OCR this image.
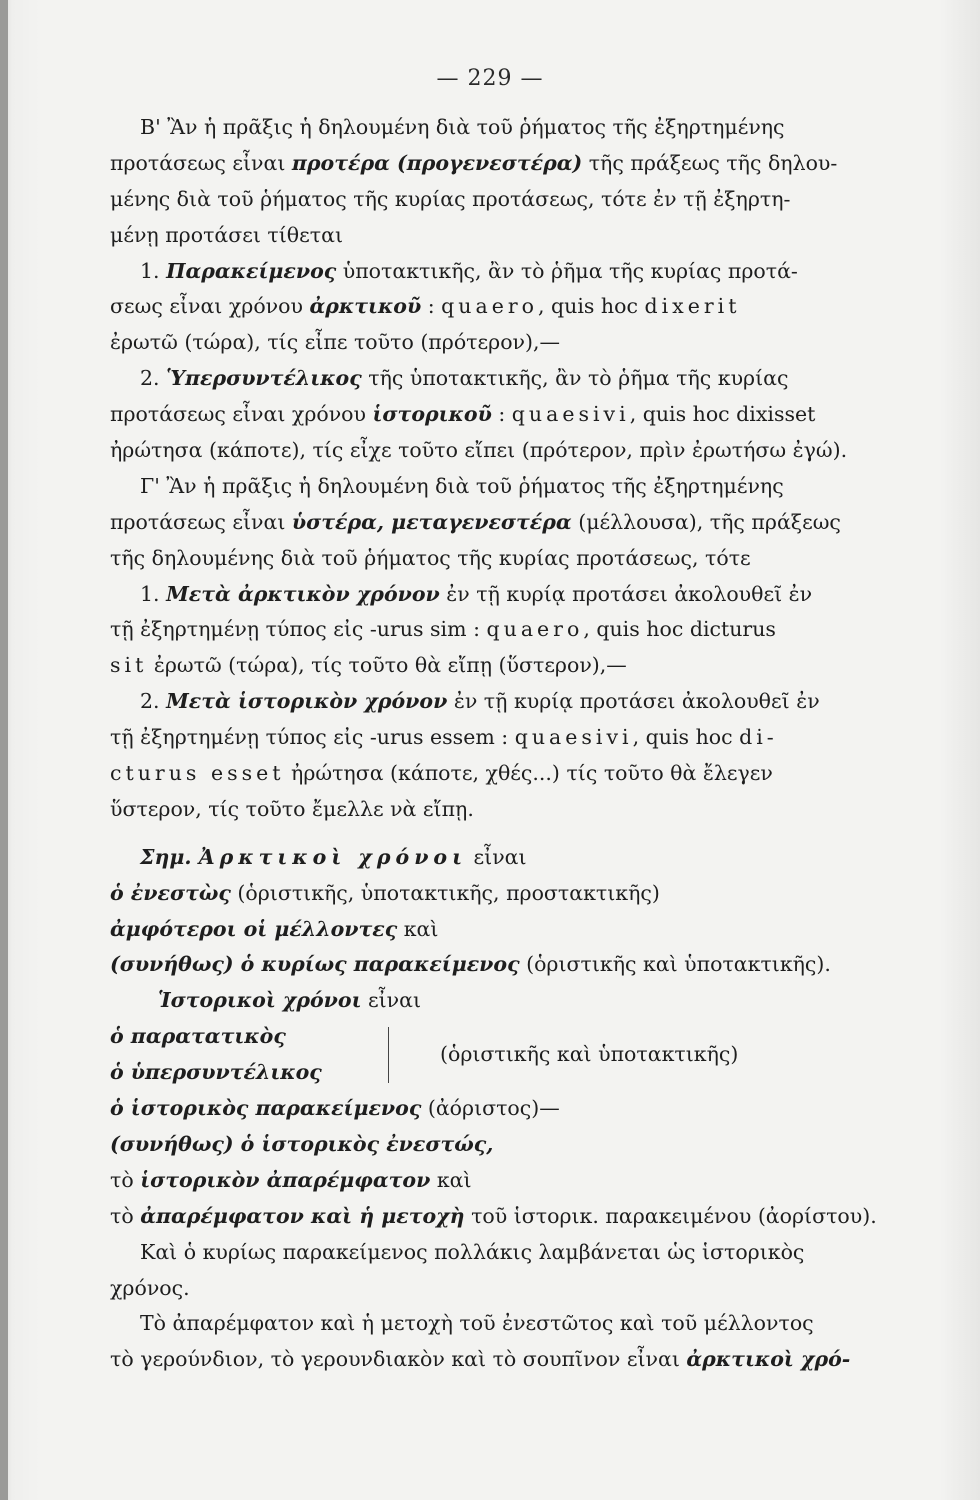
— 229 —
Β' Ἂν ἡ πρᾶξις ἡ δηλουμένη διὰ τοῦ ῥήματος τῆς ἐξηρτημένης
προτάσεως εἶναι προτέρα (προγενεστέρα) τῆς πράξεως τῆς δηλου-
μένης διὰ τοῦ ῥήματος τῆς κυρίας προτάσεως, τότε ἐν τῇ ἐξηρτη-
μένῃ προτάσει τίθεται
1. Παρακείμενος ὑποτακτικῆς, ἂν τὸ ῥῆμα τῆς κυρίας προτά-
σεως εἶναι χρόνου ἀρκτικοῦ : quaero, quis hoc dixerit
ἐρωτῶ (τώρα), τίς εἶπε τοῦτο (πρότερον),—
2. Ὑπερσυντέλικος τῆς ὑποτακτικῆς, ἂν τὸ ῥῆμα τῆς κυρίας
προτάσεως εἶναι χρόνου ἱστορικοῦ : quaesivi, quis hoc dixisset
ἠρώτησα (κάποτε), τίς εἶχε τοῦτο εἴπει (πρότερον, πρὶν ἐρωτήσω ἐγώ).
Γ' Ἂν ἡ πρᾶξις ἡ δηλουμένη διὰ τοῦ ῥήματος τῆς ἐξηρτημένης
προτάσεως εἶναι ὑστέρα, μεταγενεστέρα (μέλλουσα), τῆς πράξεως
τῆς δηλουμένης διὰ τοῦ ῥήματος τῆς κυρίας προτάσεως, τότε
1. Μετὰ ἀρκτικὸν χρόνον ἐν τῇ κυρίᾳ προτάσει ἀκολουθεῖ ἐν
τῇ ἐξηρτημένῃ τύπος εἰς -urus sim : quaero, quis hoc dicturus
sit ἐρωτῶ (τώρα), τίς τοῦτο θὰ εἴπῃ (ὕστερον),—
2. Μετὰ ἱστορικὸν χρόνον ἐν τῇ κυρίᾳ προτάσει ἀκολουθεῖ ἐν
τῇ ἐξηρτημένῃ τύπος εἰς -urus essem : quaesivi, quis hoc di-
cturus esset ἠρώτησα (κάποτε, χθές...) τίς τοῦτο θὰ ἔλεγεν
ὕστερον, τίς τοῦτο ἔμελλε νὰ εἴπῃ.
Σημ. Ἀρκτικοὶ χρόνοι εἶναι
ὁ ἐνεστὼς (ὁριστικῆς, ὑποτακτικῆς, προστακτικῆς)
ἀμφότεροι οἱ μέλλοντες καὶ
(συνήθως) ὁ κυρίως παρακείμενος (ὁριστικῆς καὶ ὑποτακτικῆς).
Ἱστορικοὶ χρόνοι εἶναι
ὁ παρατατικὸς
ὁ ὑπερσυντέλικος
(ὁριστικῆς καὶ ὑποτακτικῆς)
ὁ ἱστορικὸς παρακείμενος (ἀόριστος)—
(συνήθως) ὁ ἱστορικὸς ἐνεστώς,
τὸ ἱστορικὸν ἀπαρέμφατον καὶ
τὸ ἀπαρέμφατον καὶ ἡ μετοχὴ τοῦ ἱστορικ. παρακειμένου (ἀορίστου).
Καὶ ὁ κυρίως παρακείμενος πολλάκις λαμβάνεται ὡς ἱστορικὸς
χρόνος.
Τὸ ἀπαρέμφατον καὶ ἡ μετοχὴ τοῦ ἐνεστῶτος καὶ τοῦ μέλλοντος
τὸ γερούνδιον, τὸ γερουνδιακὸν καὶ τὸ σουπῖνον εἶναι ἀρκτικοὶ χρό-
